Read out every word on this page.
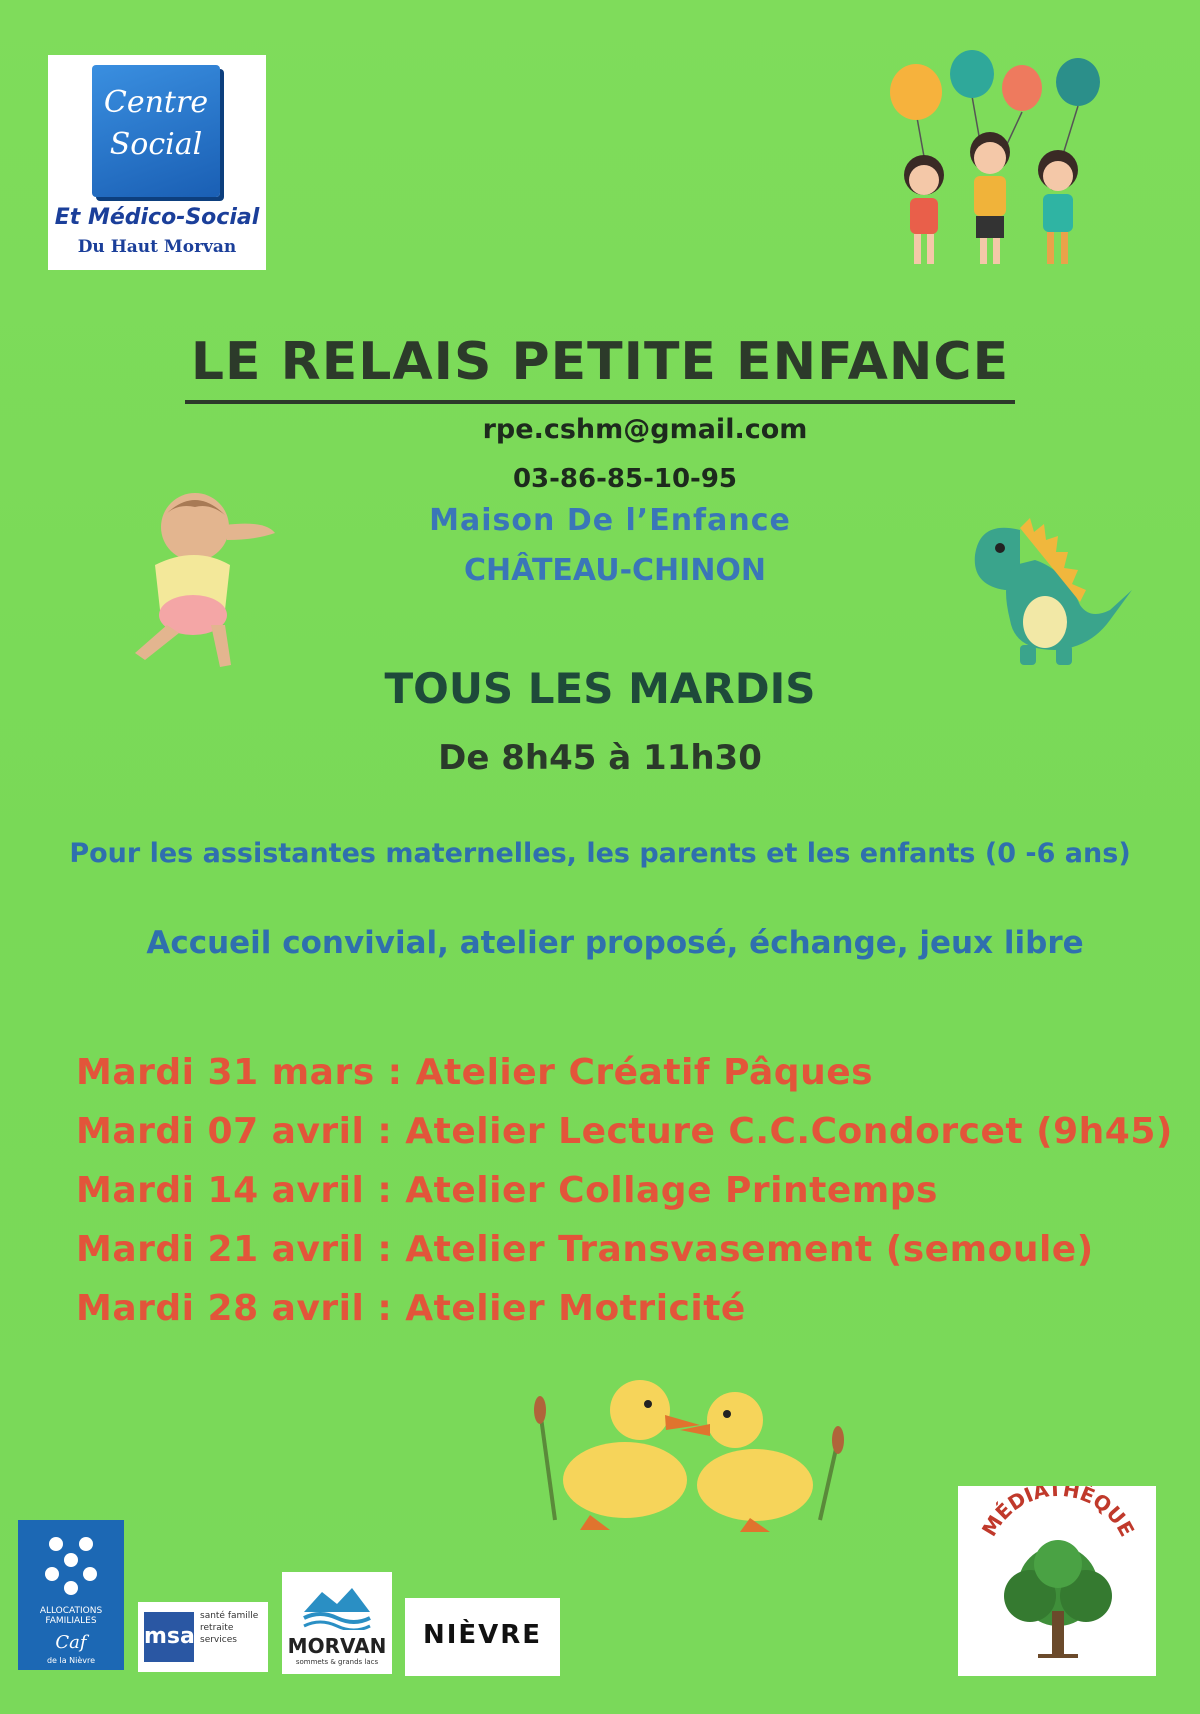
Centre
Social
Et Médico-Social
Du Haut Morvan
LE RELAIS PETITE ENFANCE
rpe.cshm@gmail.com
03-86-85-10-95
Maison De l’Enfance
CHÂTEAU-CHINON
TOUS LES MARDIS
De 8h45 à 11h30
Pour les assistantes maternelles, les parents et les enfants (0 -6 ans)
Accueil convivial, atelier proposé, échange, jeux libre
Mardi 31 mars : Atelier Créatif Pâques
Mardi 07 avril : Atelier Lecture C.C.Condorcet (9h45)
Mardi 14 avril : Atelier Collage Printemps
Mardi 21 avril : Atelier Transvasement (semoule)
Mardi 28 avril : Atelier Motricité
ALLOCATIONS FAMILIALES
Caf
de la Nièvre
msa
santé famille retraite services	MORVAN
sommets & grands lacs
NIÈVRE
MÉDIATHÈQUE
